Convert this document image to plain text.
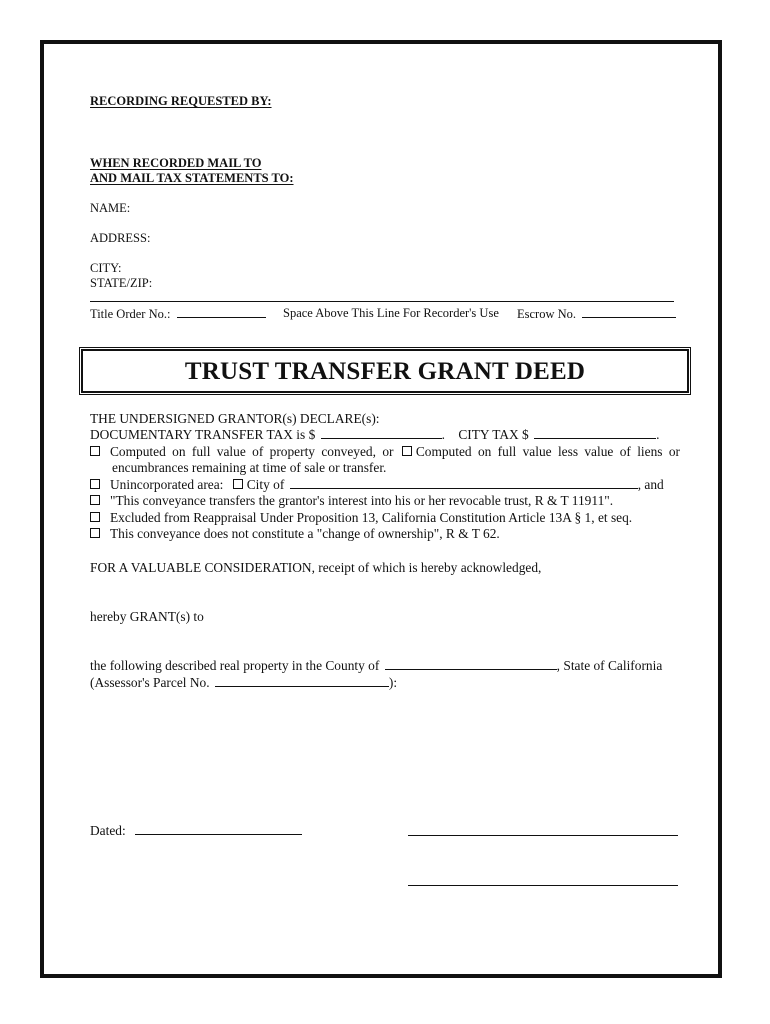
RECORDING REQUESTED BY:
WHEN RECORDED MAIL TO
AND MAIL TAX STATEMENTS TO:
NAME:
ADDRESS:
CITY:
STATE/ZIP:
Title Order No.:	Space Above This Line For Recorder's Use Escrow No.
TRUST TRANSFER GRANT DEED
THE UNDERSIGNED GRANTOR(s) DECLARE(s):
DOCUMENTARY TRANSFER TAX is $	. CITY TAX $	.
Computed on full value of property conveyed, or Computed on full value less value of liens or
encumbrances remaining at time of sale or transfer.
Unincorporated area: City of	, and
"This conveyance transfers the grantor's interest into his or her revocable trust, R & T 11911".
Excluded from Reappraisal Under Proposition 13, California Constitution Article 13A § 1, et seq.
This conveyance does not constitute a "change of ownership", R & T 62.
FOR A VALUABLE CONSIDERATION, receipt of which is hereby acknowledged,
hereby GRANT(s) to
the following described real property in the County of	, State of California
(Assessor's Parcel No.	):
Dated:
